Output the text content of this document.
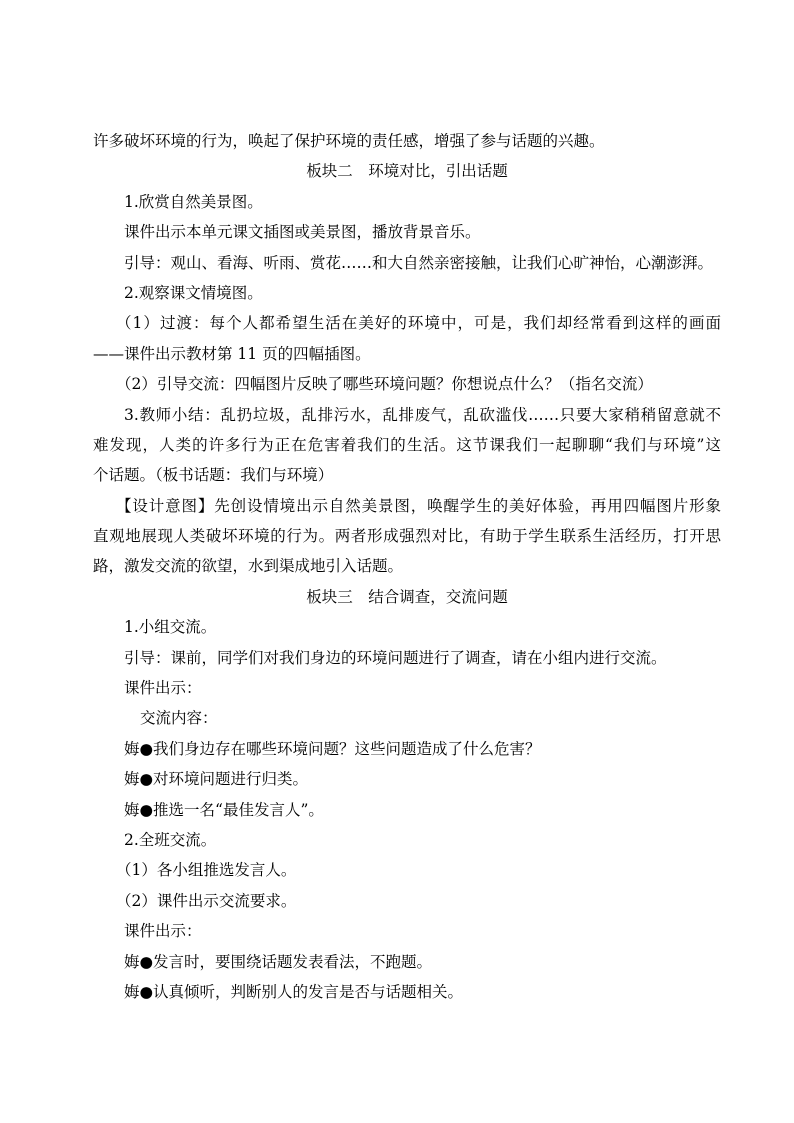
许多破坏环境的行为，唤起了保护环境的责任感，增强了参与话题的兴趣。
板块二　环境对比，引出话题
1.欣赏自然美景图。
课件出示本单元课文插图或美景图，播放背景音乐。
引导：观山、看海、听雨、赏花……和大自然亲密接触，让我们心旷神怡，心潮澎湃。
2.观察课文情境图。
（1）过渡：每个人都希望生活在美好的环境中，可是，我们却经常看到这样的画面
——课件出示教材第 11 页的四幅插图。
（2）引导交流：四幅图片反映了哪些环境问题？你想说点什么？（指名交流）
3.教师小结：乱扔垃圾，乱排污水，乱排废气，乱砍滥伐……只要大家稍稍留意就不
难发现，人类的许多行为正在危害着我们的生活。这节课我们一起聊聊“我们与环境”这
个话题。（板书话题：我们与环境）
【设计意图】先创设情境出示自然美景图，唤醒学生的美好体验，再用四幅图片形象
直观地展现人类破坏环境的行为。两者形成强烈对比，有助于学生联系生活经历，打开思
路，激发交流的欲望，水到渠成地引入话题。
板块三　结合调查，交流问题
1.小组交流。
引导：课前，同学们对我们身边的环境问题进行了调查，请在小组内进行交流。
课件出示：
交流内容：
娒●我们身边存在哪些环境问题？这些问题造成了什么危害？
娒●对环境问题进行归类。
娒●推选一名“最佳发言人”。
2.全班交流。
（1）各小组推选发言人。
（2）课件出示交流要求。
课件出示：
娒●发言时，要围绕话题发表看法，不跑题。
娒●认真倾听，判断别人的发言是否与话题相关。
